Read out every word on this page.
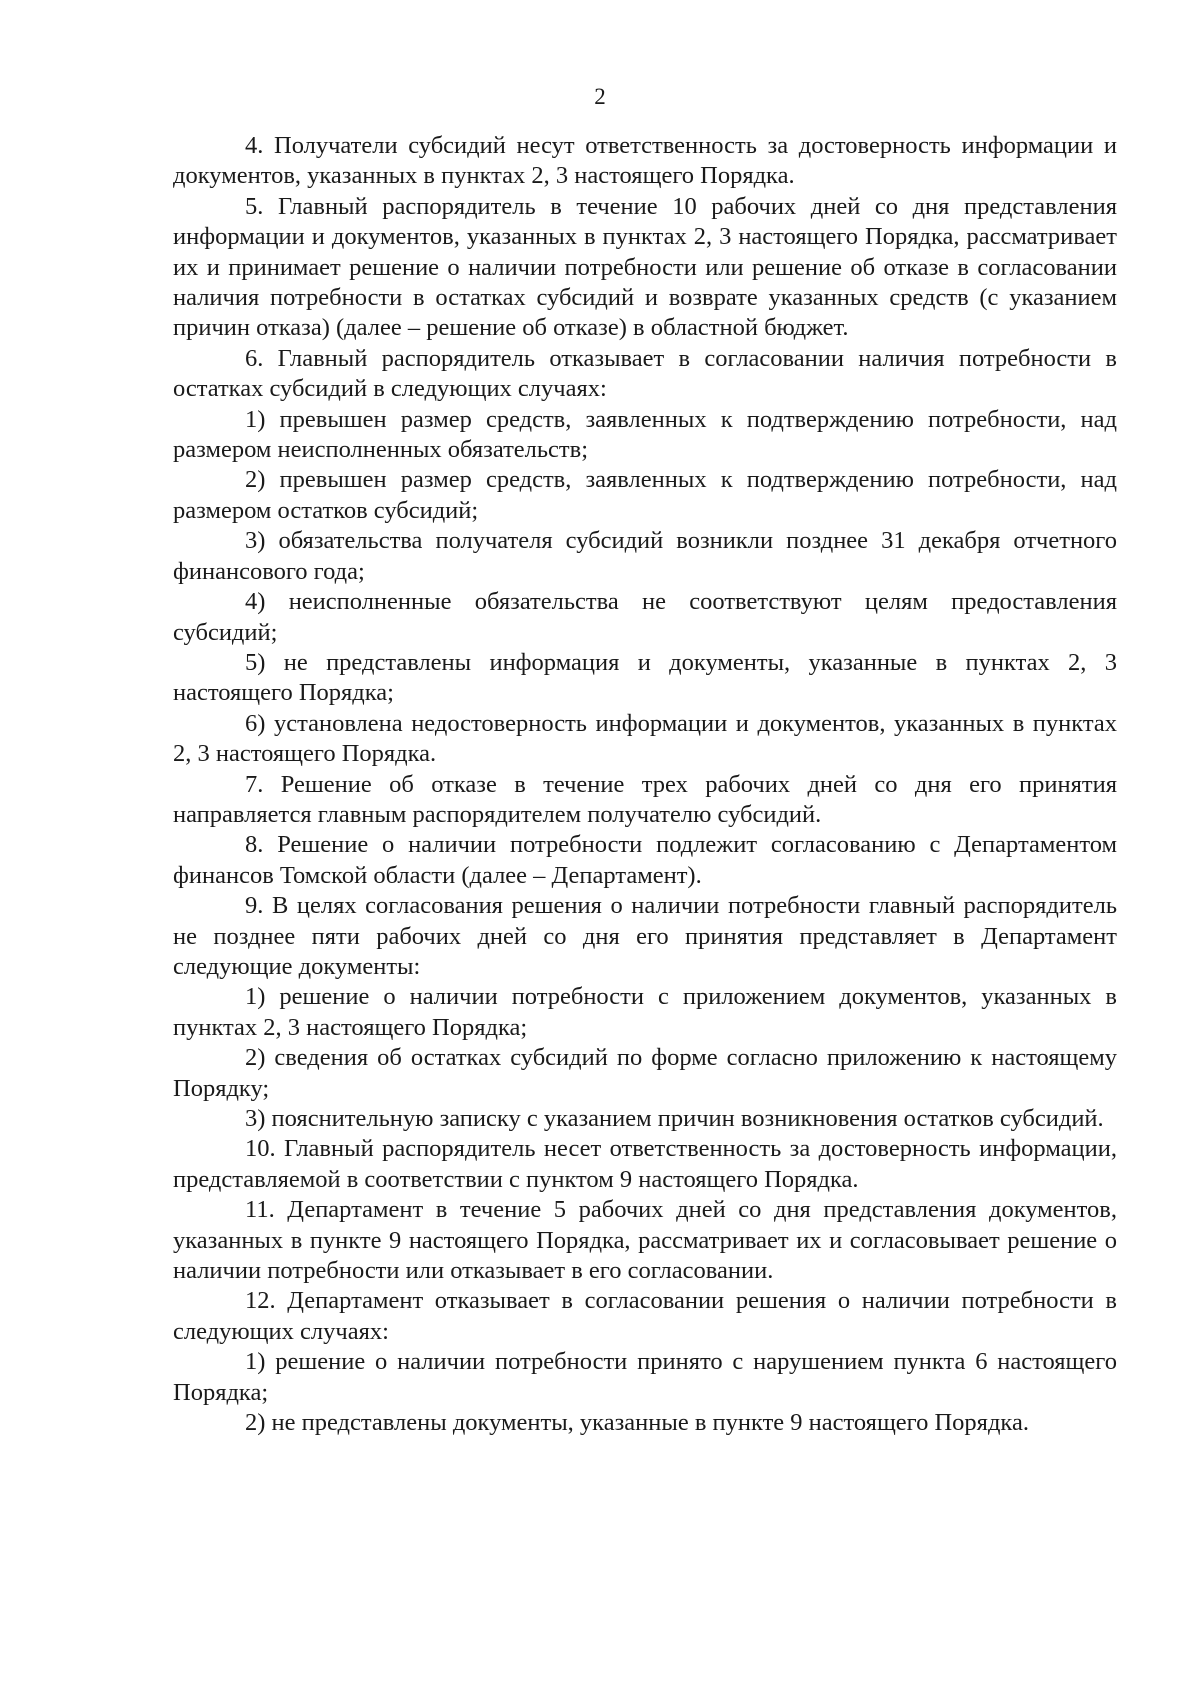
2

4. Получатели субсидий несут ответственность за достоверность информации и документов, указанных в пунктах 2, 3 настоящего Порядка.

5. Главный распорядитель в течение 10 рабочих дней со дня представления информации и документов, указанных в пунктах 2, 3 настоящего Порядка, рассматривает их и принимает решение о наличии потребности или решение об отказе в согласовании наличия потребности в остатках субсидий и возврате указанных средств (с указанием причин отказа) (далее – решение об отказе) в областной бюджет.

6. Главный распорядитель отказывает в согласовании наличия потребности в остатках субсидий в следующих случаях:

1) превышен размер средств, заявленных к подтверждению потребности, над размером неисполненных обязательств;

2) превышен размер средств, заявленных к подтверждению потребности, над размером остатков субсидий;

3) обязательства получателя субсидий возникли позднее 31 декабря отчетного финансового года;

4) неисполненные обязательства не соответствуют целям предоставления субсидий;

5) не представлены информация и документы, указанные в пунктах 2, 3 настоящего Порядка;

6) установлена недостоверность информации и документов, указанных в пунктах 2, 3 настоящего Порядка.

7. Решение об отказе в течение трех рабочих дней со дня его принятия направляется главным распорядителем получателю субсидий.

8. Решение о наличии потребности подлежит согласованию с Департаментом финансов Томской области (далее – Департамент).

9. В целях согласования решения о наличии потребности главный распорядитель не позднее пяти рабочих дней со дня его принятия представляет в Департамент следующие документы:

1) решение о наличии потребности с приложением документов, указанных в пунктах 2, 3 настоящего Порядка;

2) сведения об остатках субсидий по форме согласно приложению к настоящему Порядку;

3) пояснительную записку с указанием причин возникновения остатков субсидий.

10. Главный распорядитель несет ответственность за достоверность информации, представляемой в соответствии с пунктом 9 настоящего Порядка.

11. Департамент в течение 5 рабочих дней со дня представления документов, указанных в пункте 9 настоящего Порядка, рассматривает их и согласовывает решение о наличии потребности или отказывает в его согласовании.

12. Департамент отказывает в согласовании решения о наличии потребности в следующих случаях:

1) решение о наличии потребности принято с нарушением пункта 6 настоящего Порядка;

2) не представлены документы, указанные в пункте 9 настоящего Порядка.
